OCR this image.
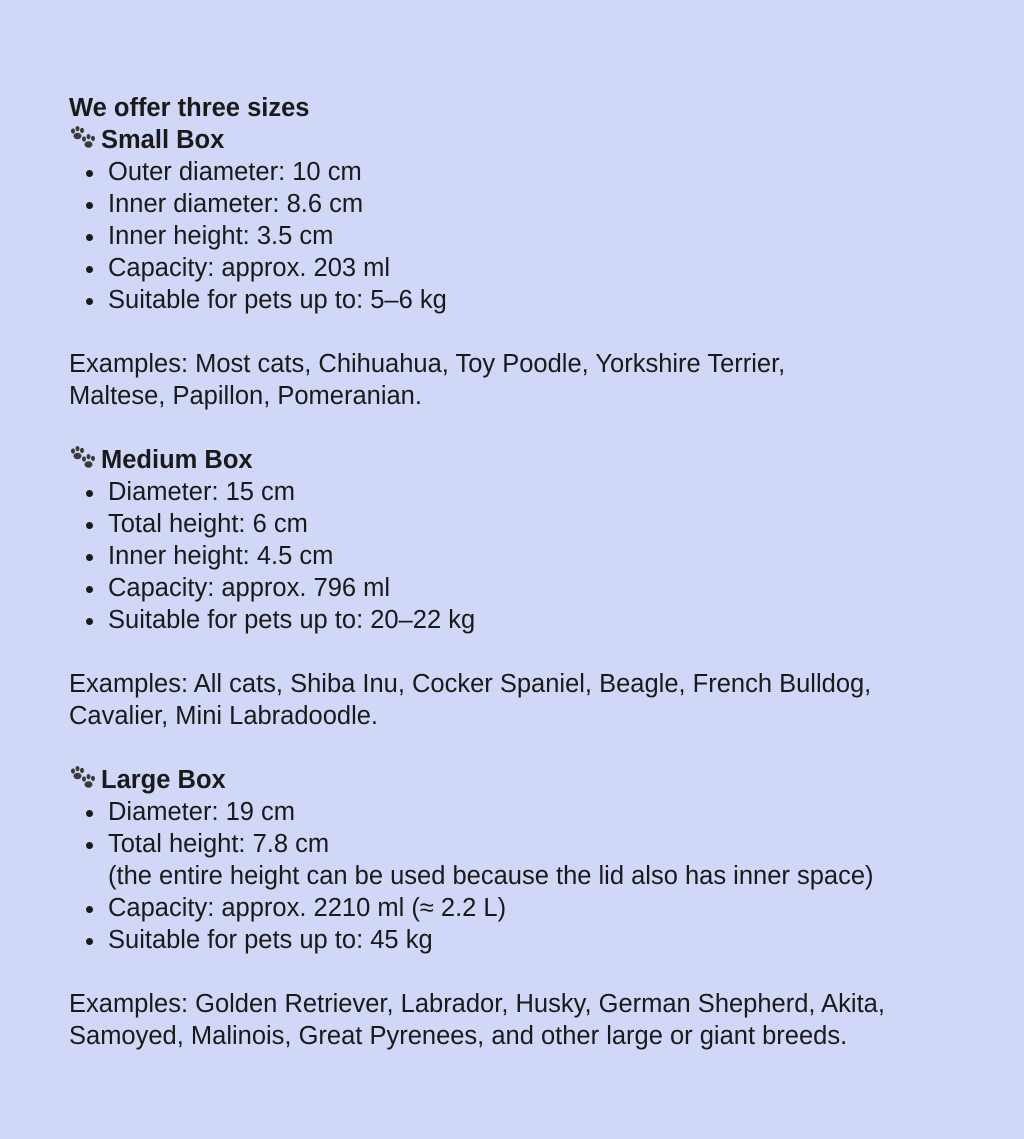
We offer three sizes

Small Box

Outer diameter: 10 cm
Inner diameter: 8.6 cm
Inner height: 3.5 cm
Capacity: approx. 203 ml
Suitable for pets up to: 5–6 kg

Examples: Most cats, Chihuahua, Toy Poodle, Yorkshire Terrier,
Maltese, Papillon, Pomeranian.

Medium Box

Diameter: 15 cm
Total height: 6 cm
Inner height: 4.5 cm
Capacity: approx. 796 ml
Suitable for pets up to: 20–22 kg

Examples: All cats, Shiba Inu, Cocker Spaniel, Beagle, French Bulldog,
Cavalier, Mini Labradoodle.

Large Box

Diameter: 19 cm
Total height: 7.8 cm
(the entire height can be used because the lid also has inner space)
Capacity: approx. 2210 ml (≈ 2.2 L)
Suitable for pets up to: 45 kg

Examples: Golden Retriever, Labrador, Husky, German Shepherd, Akita,
Samoyed, Malinois, Great Pyrenees, and other large or giant breeds.
